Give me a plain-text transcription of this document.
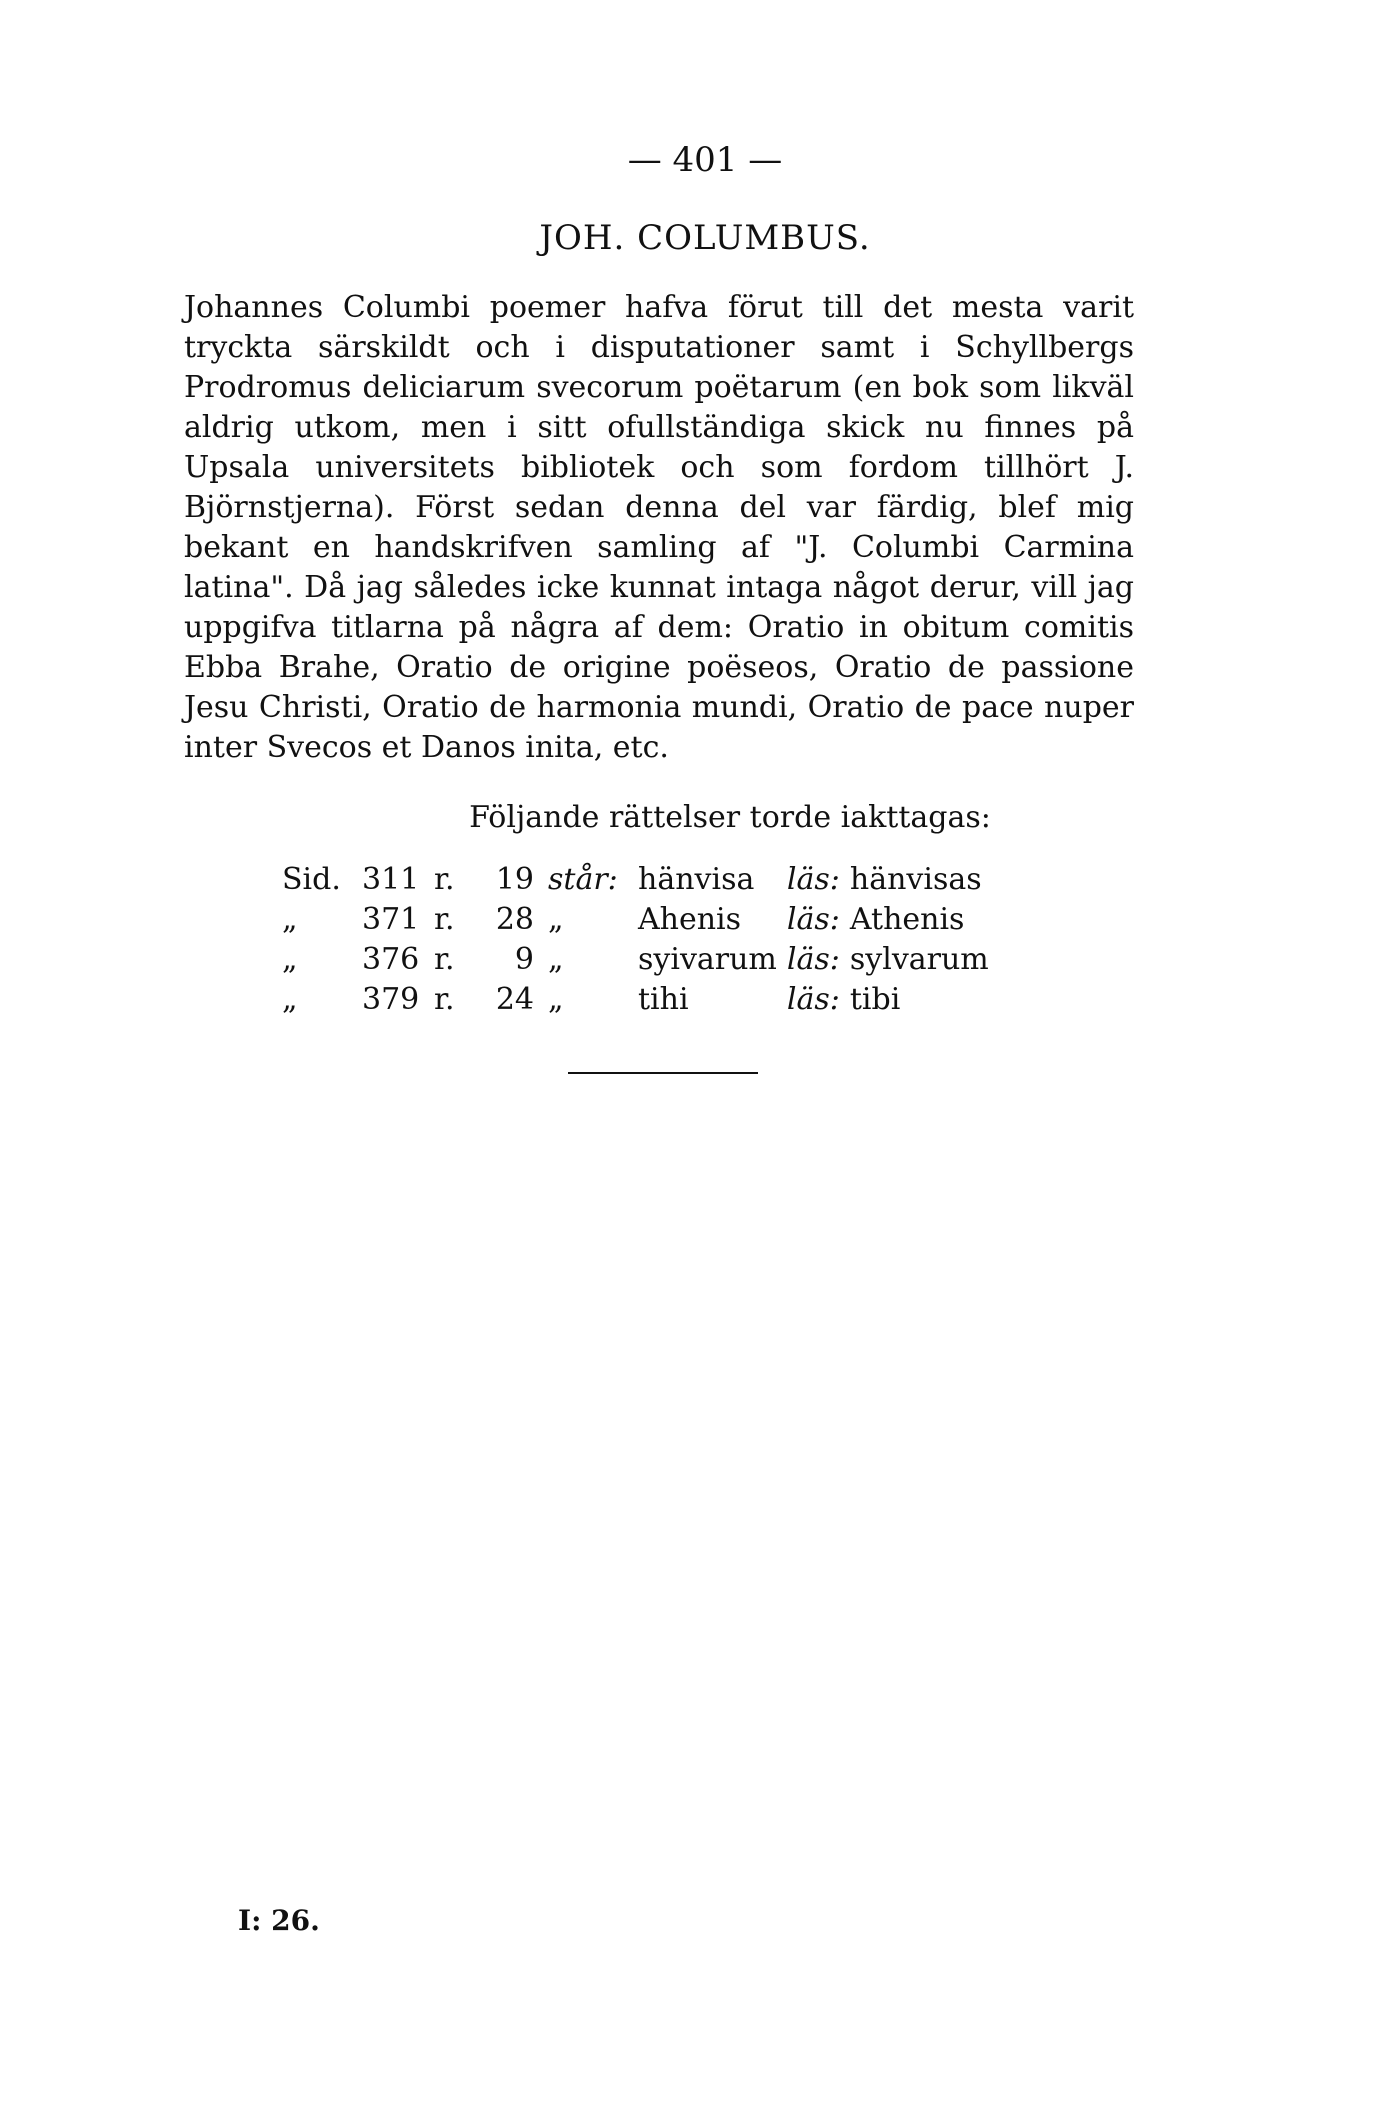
— 401 —
JOH. COLUMBUS.

Johannes Columbi poemer hafva förut till det mesta varit tryckta särskildt och i disputationer samt i Schyllbergs Prodromus deliciarum svecorum poëtarum (en bok som likväl aldrig utkom, men i sitt ofullständiga skick nu finnes på Upsala universitets bibliotek och som fordom tillhört J. Björnstjerna). Först sedan denna del var färdig, blef mig bekant en handskrifven samling af "J. Columbi Carmina latina". Då jag således icke kunnat intaga något derur, vill jag uppgifva titlarna på några af dem: Oratio in obitum comitis Ebba Brahe, Oratio de origine poëseos, Oratio de passione Jesu Christi, Oratio de harmonia mundi, Oratio de pace nuper inter Svecos et Danos inita, etc.

Följande rättelser torde iakttagas:
Sid.	311	r.	19	står:	hänvisa	läs:	hänvisas
„	371	r.	28	„	Ahenis	läs:	Athenis
„	376	r.	9	„	syivarum	läs:	sylvarum
„	379	r.	24	„	tihi	läs:	tibi
I: 26.
